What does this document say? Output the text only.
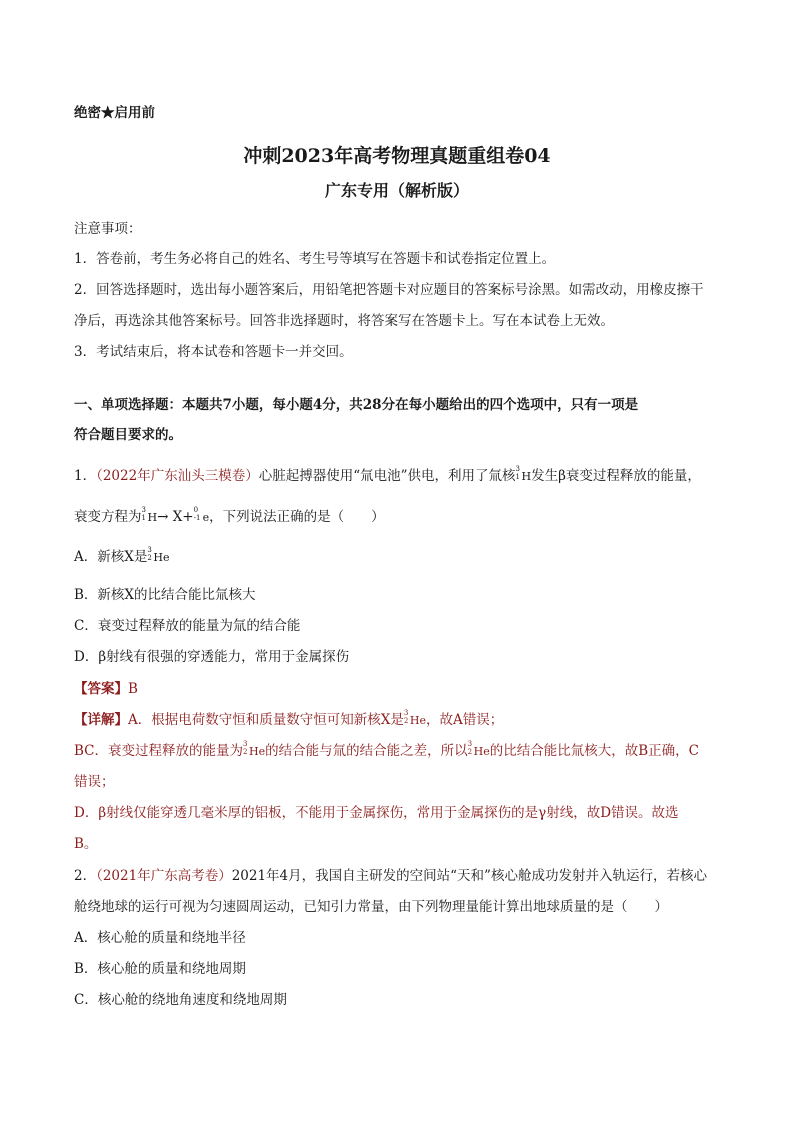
绝密★启用前
冲刺2023年高考物理真题重组卷04
广东专用（解析版）
注意事项：
1．答卷前，考生务必将自己的姓名、考生号等填写在答题卡和试卷指定位置上。
2．回答选择题时，选出每小题答案后，用铅笔把答题卡对应题目的答案标号涂黑。如需改动，用橡皮擦干
净后，再选涂其他答案标号。回答非选择题时，将答案写在答题卡上。写在本试卷上无效。
3．考试结束后，将本试卷和答题卡一并交回。
一、单项选择题：本题共7小题，每小题4分，共28分在每小题给出的四个选项中，只有一项是
符合题目要求的。
1．（2022年广东汕头三模卷）心脏起搏器使用“氚电池”供电，利用了氚核 3
1 H发生β衰变过程释放的能量，
衰变方程为 3
1 H→ X+ 0
-1 e，下列说法正确的是（　　）
A．新核X是 3
2 He
B．新核X的比结合能比氚核大
C．衰变过程释放的能量为氚的结合能
D．β射线有很强的穿透能力，常用于金属探伤
【答案】B
【详解】A．根据电荷数守恒和质量数守恒可知新核X是 3
2 He，故A错误；
BC．衰变过程释放的能量为 3
2 He的结合能与氚的结合能之差，所以 3
2 He的比结合能比氚核大，故B正确，C
错误；
D．β射线仅能穿透几毫米厚的铝板，不能用于金属探伤，常用于金属探伤的是γ射线，故D错误。故选
B。
2．（2021年广东高考卷）2021年4月，我国自主研发的空间站“天和”核心舱成功发射并入轨运行，若核心
舱绕地球的运行可视为匀速圆周运动，已知引力常量，由下列物理量能计算出地球质量的是（　　）
A．核心舱的质量和绕地半径
B．核心舱的质量和绕地周期
C．核心舱的绕地角速度和绕地周期
